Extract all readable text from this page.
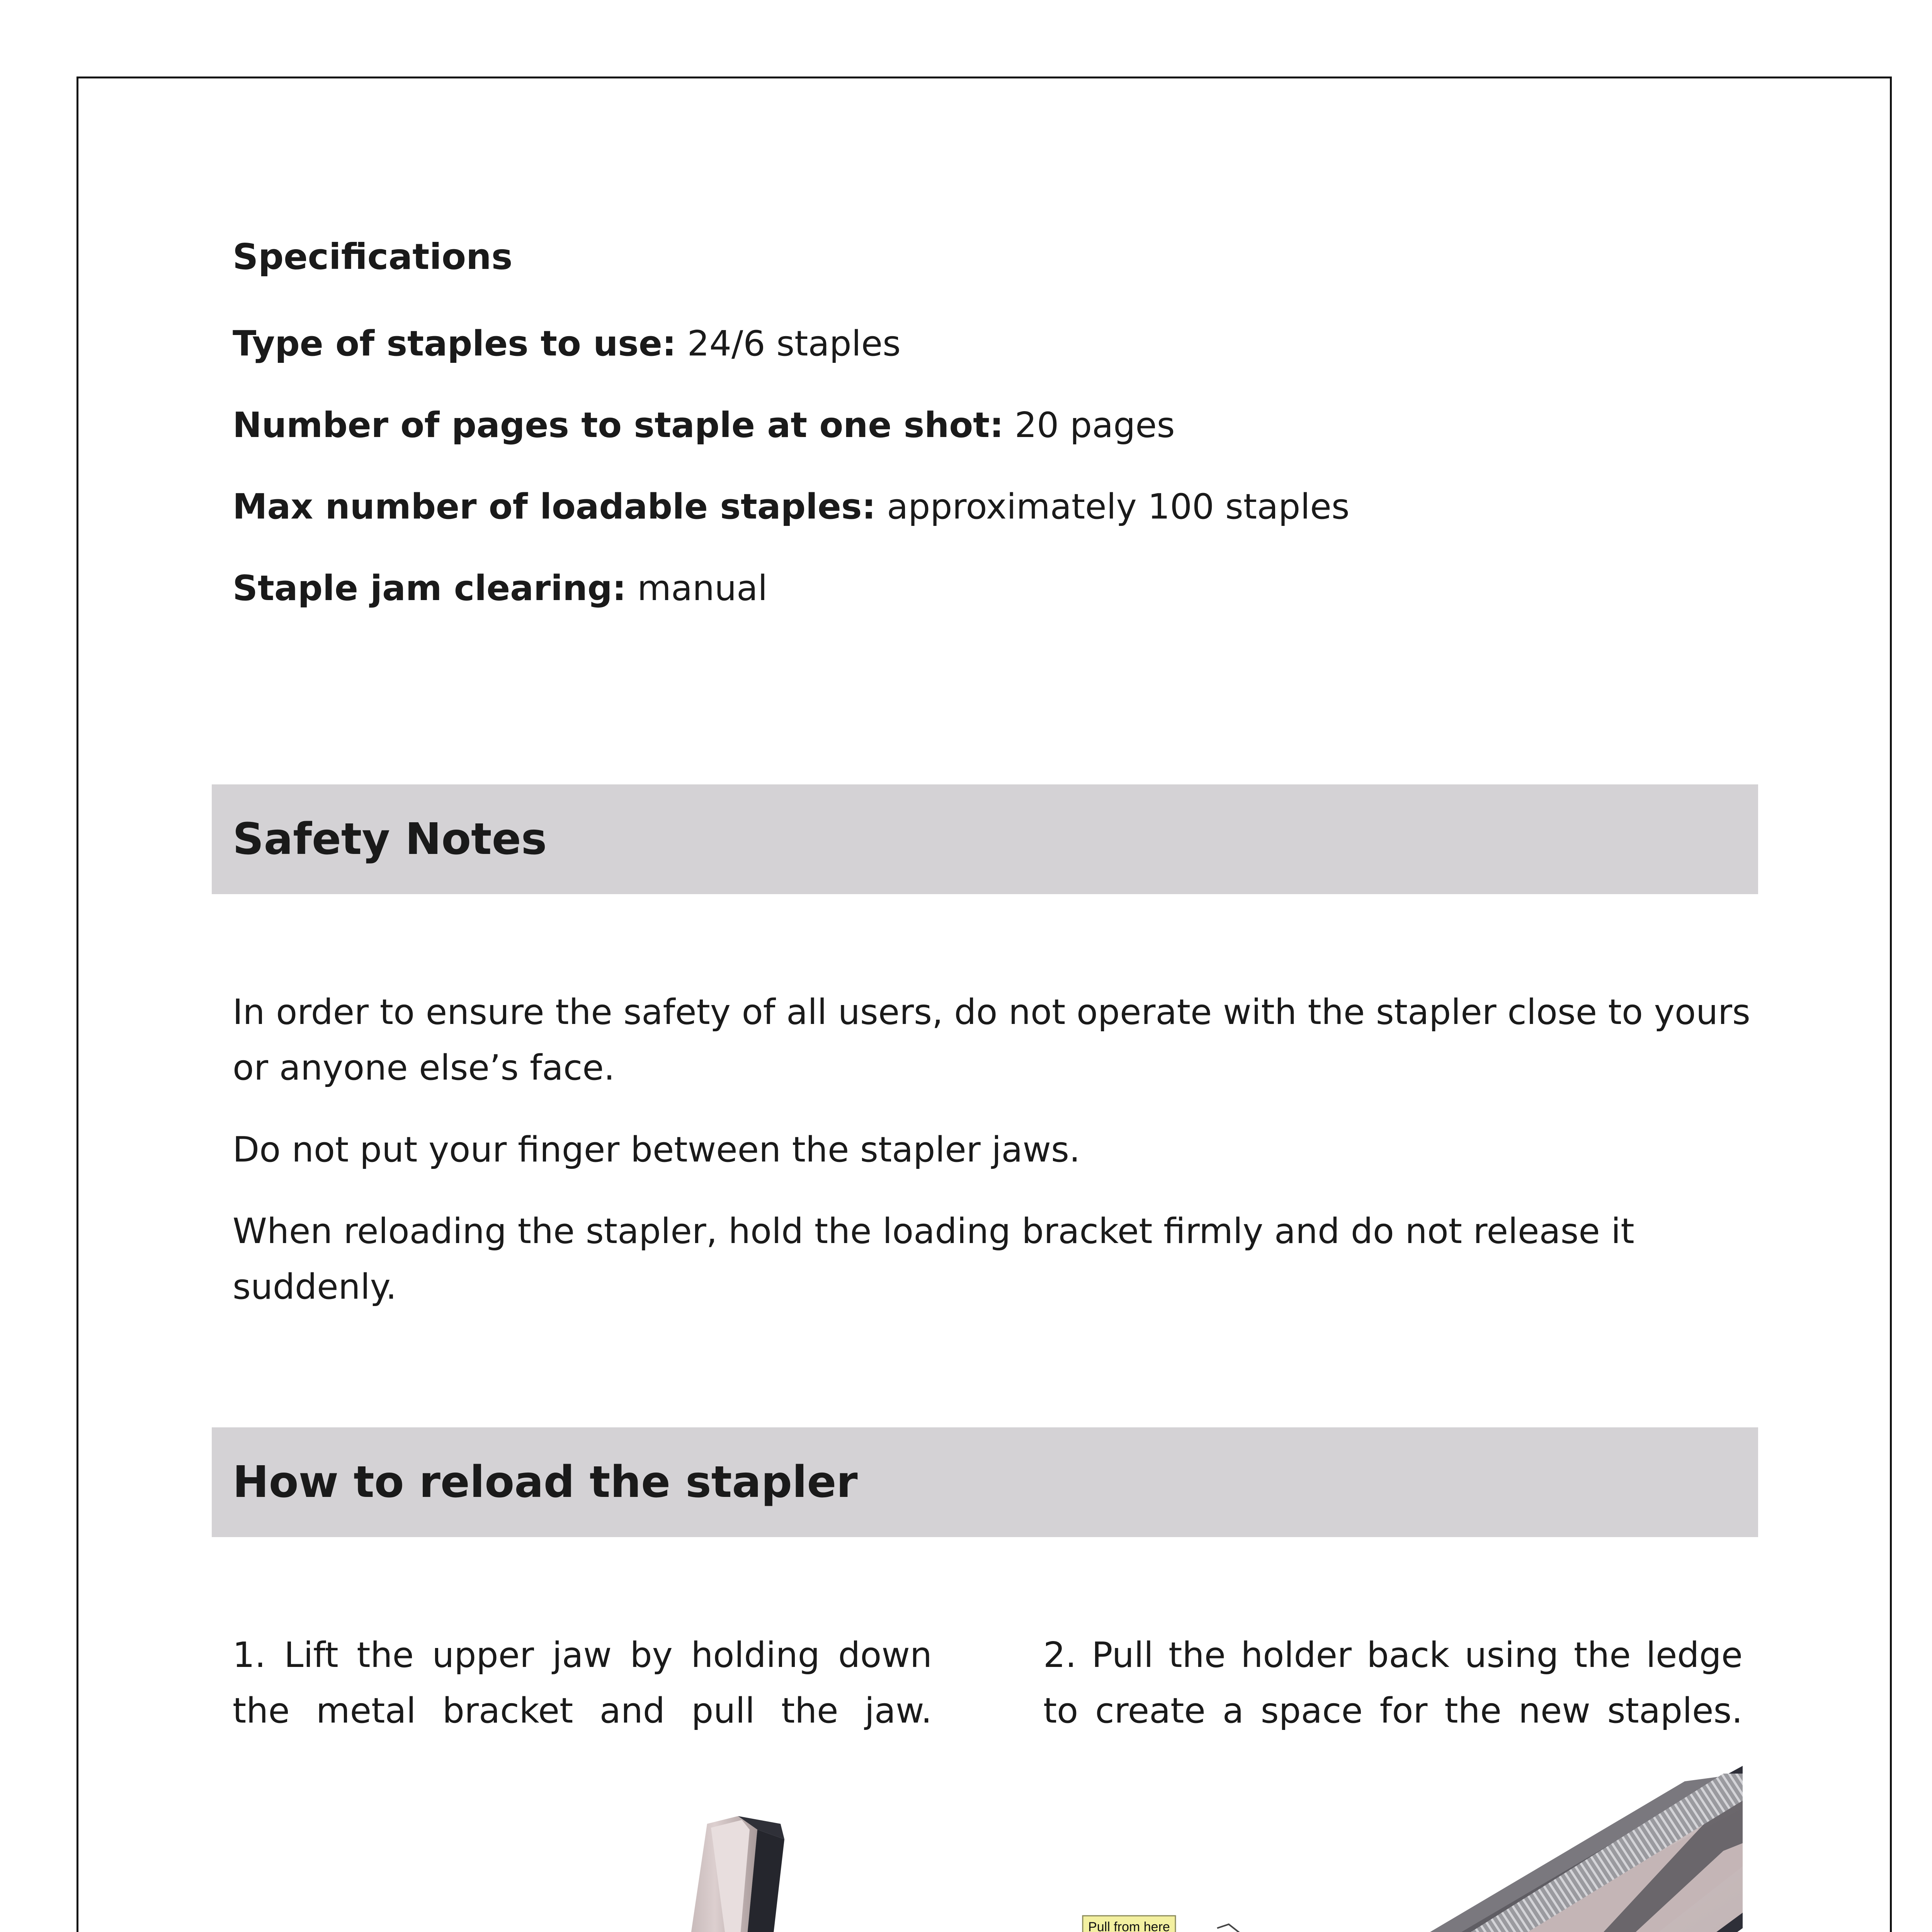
Specifications

Type of staples to use: 24/6 staples

Number of pages to staple at one shot: 20 pages

Max number of loadable staples: approximately 100 staples

Staple jam clearing: manual

Safety Notes

In order to ensure the safety of all users, do not operate with the stapler close to yours or anyone else’s face.

Do not put your finger between the stapler jaws.

When reloading the stapler, hold the loading bracket firmly and do not release it suddenly.

How to reload the stapler

1. Lift the upper jaw by holding down the metal bracket and pull the jaw.

2. Pull the holder back using the ledge to create a space for the new staples.

Pull from here
